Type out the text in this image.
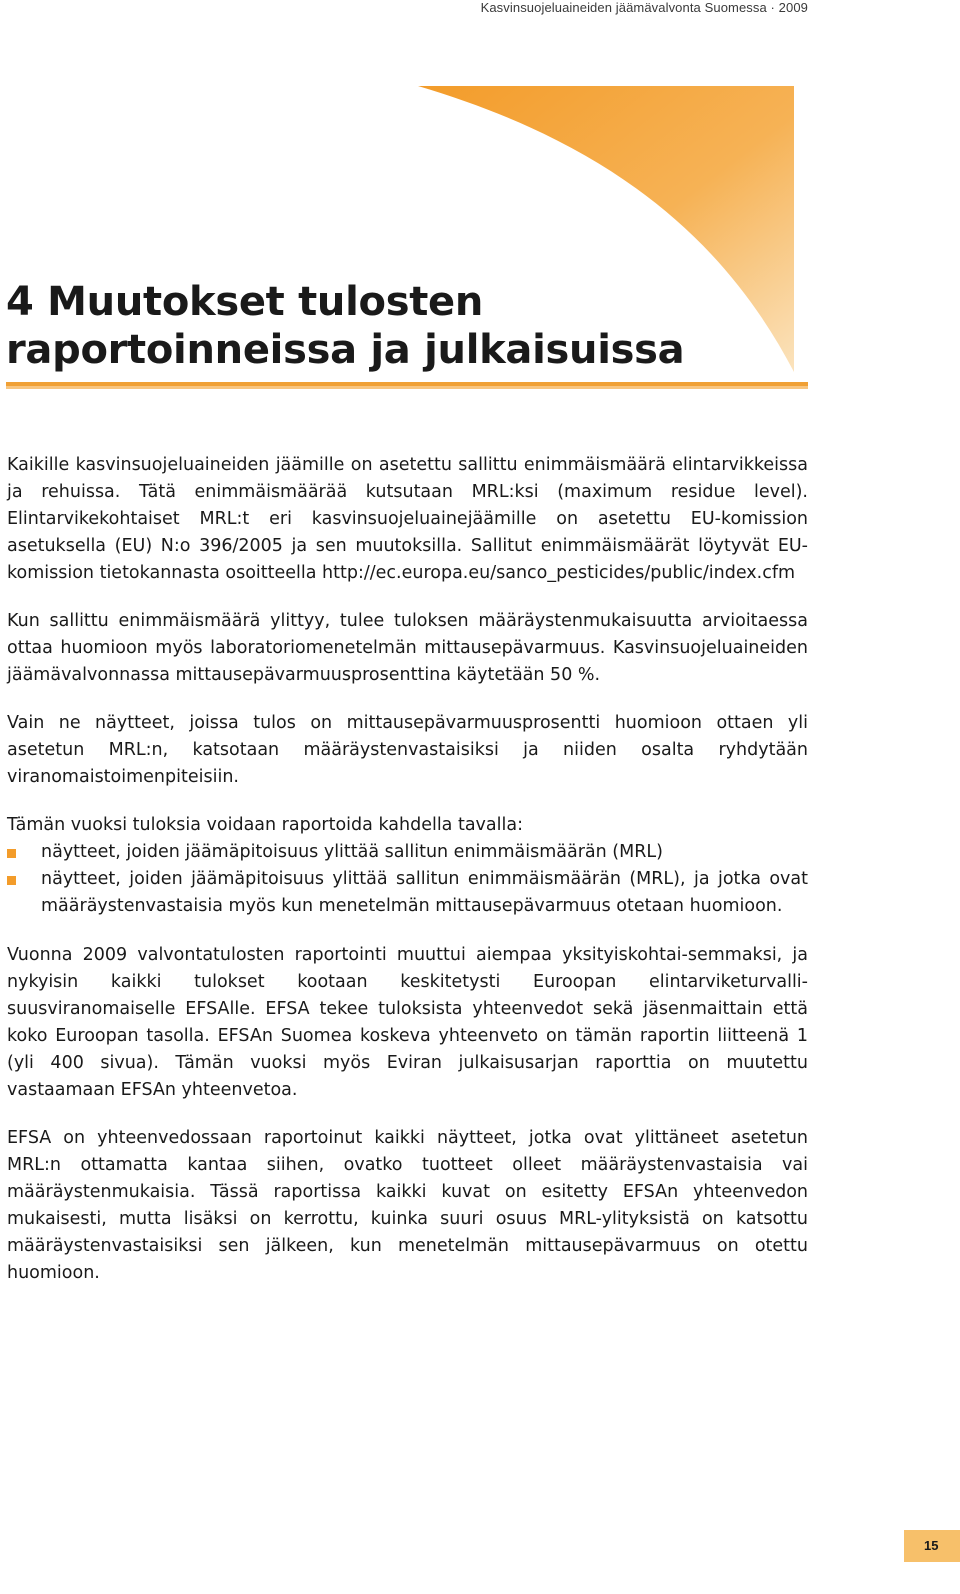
Kasvinsuojeluaineiden jäämävalvonta Suomessa · 2009
4 Muutokset tulosten
raportoinneissa ja julkaisuissa

Kaikille kasvinsuojeluaineiden jäämille on asetettu sallittu enimmäismäärä elintarvikkeissa ja rehuissa. Tätä enimmäismäärää kutsutaan MRL:ksi (maximum residue level). Elintarvikekohtaiset MRL:t eri kasvinsuojeluainejäämille on asetettu EU-komission asetuksella (EU) N:o 396/2005 ja sen muutoksilla. Sallitut enimmäismäärät löytyvät EU-komission tietokannasta osoitteella http://ec.europa.eu/sanco_pesticides/public/index.cfm

Kun sallittu enimmäismäärä ylittyy, tulee tuloksen määräystenmukaisuutta arvioitaessa ottaa huomioon myös laboratoriomenetelmän mittausepävarmuus. Kasvinsuojeluaineiden jäämävalvonnassa mittausepävarmuusprosenttina käytetään 50 %.

Vain ne näytteet, joissa tulos on mittausepävarmuusprosentti huomioon ottaen yli asetetun MRL:n, katsotaan määräystenvastaisiksi ja niiden osalta ryhdytään viranomaistoimenpiteisiin.

Tämän vuoksi tuloksia voidaan raportoida kahdella tavalla:

näytteet, joiden jäämäpitoisuus ylittää sallitun enimmäismäärän (MRL)
näytteet, joiden jäämäpitoisuus ylittää sallitun enimmäismäärän (MRL), ja jotka ovat määräystenvastaisia myös kun menetelmän mittausepävarmuus otetaan huomioon.

Vuonna 2009 valvontatulosten raportointi muuttui aiempaa yksityiskohtai-semmaksi, ja nykyisin kaikki tulokset kootaan keskitetysti Euroopan elintarviketurvalli-suusviranomaiselle EFSAlle. EFSA tekee tuloksista yhteenvedot sekä jäsenmaittain että koko Euroopan tasolla. EFSAn Suomea koskeva yhteenveto on tämän raportin liitteenä 1 (yli 400 sivua). Tämän vuoksi myös Eviran julkaisusarjan raporttia on muutettu vastaamaan EFSAn yhteenvetoa.

EFSA on yhteenvedossaan raportoinut kaikki näytteet, jotka ovat ylittäneet asetetun MRL:n ottamatta kantaa siihen, ovatko tuotteet olleet määräystenvastaisia vai määräystenmukaisia. Tässä raportissa kaikki kuvat on esitetty EFSAn yhteenvedon mukaisesti, mutta lisäksi on kerrottu, kuinka suuri osuus MRL-ylityksistä on katsottu määräystenvastaisiksi sen jälkeen, kun menetelmän mittausepävarmuus on otettu huomioon.

15
